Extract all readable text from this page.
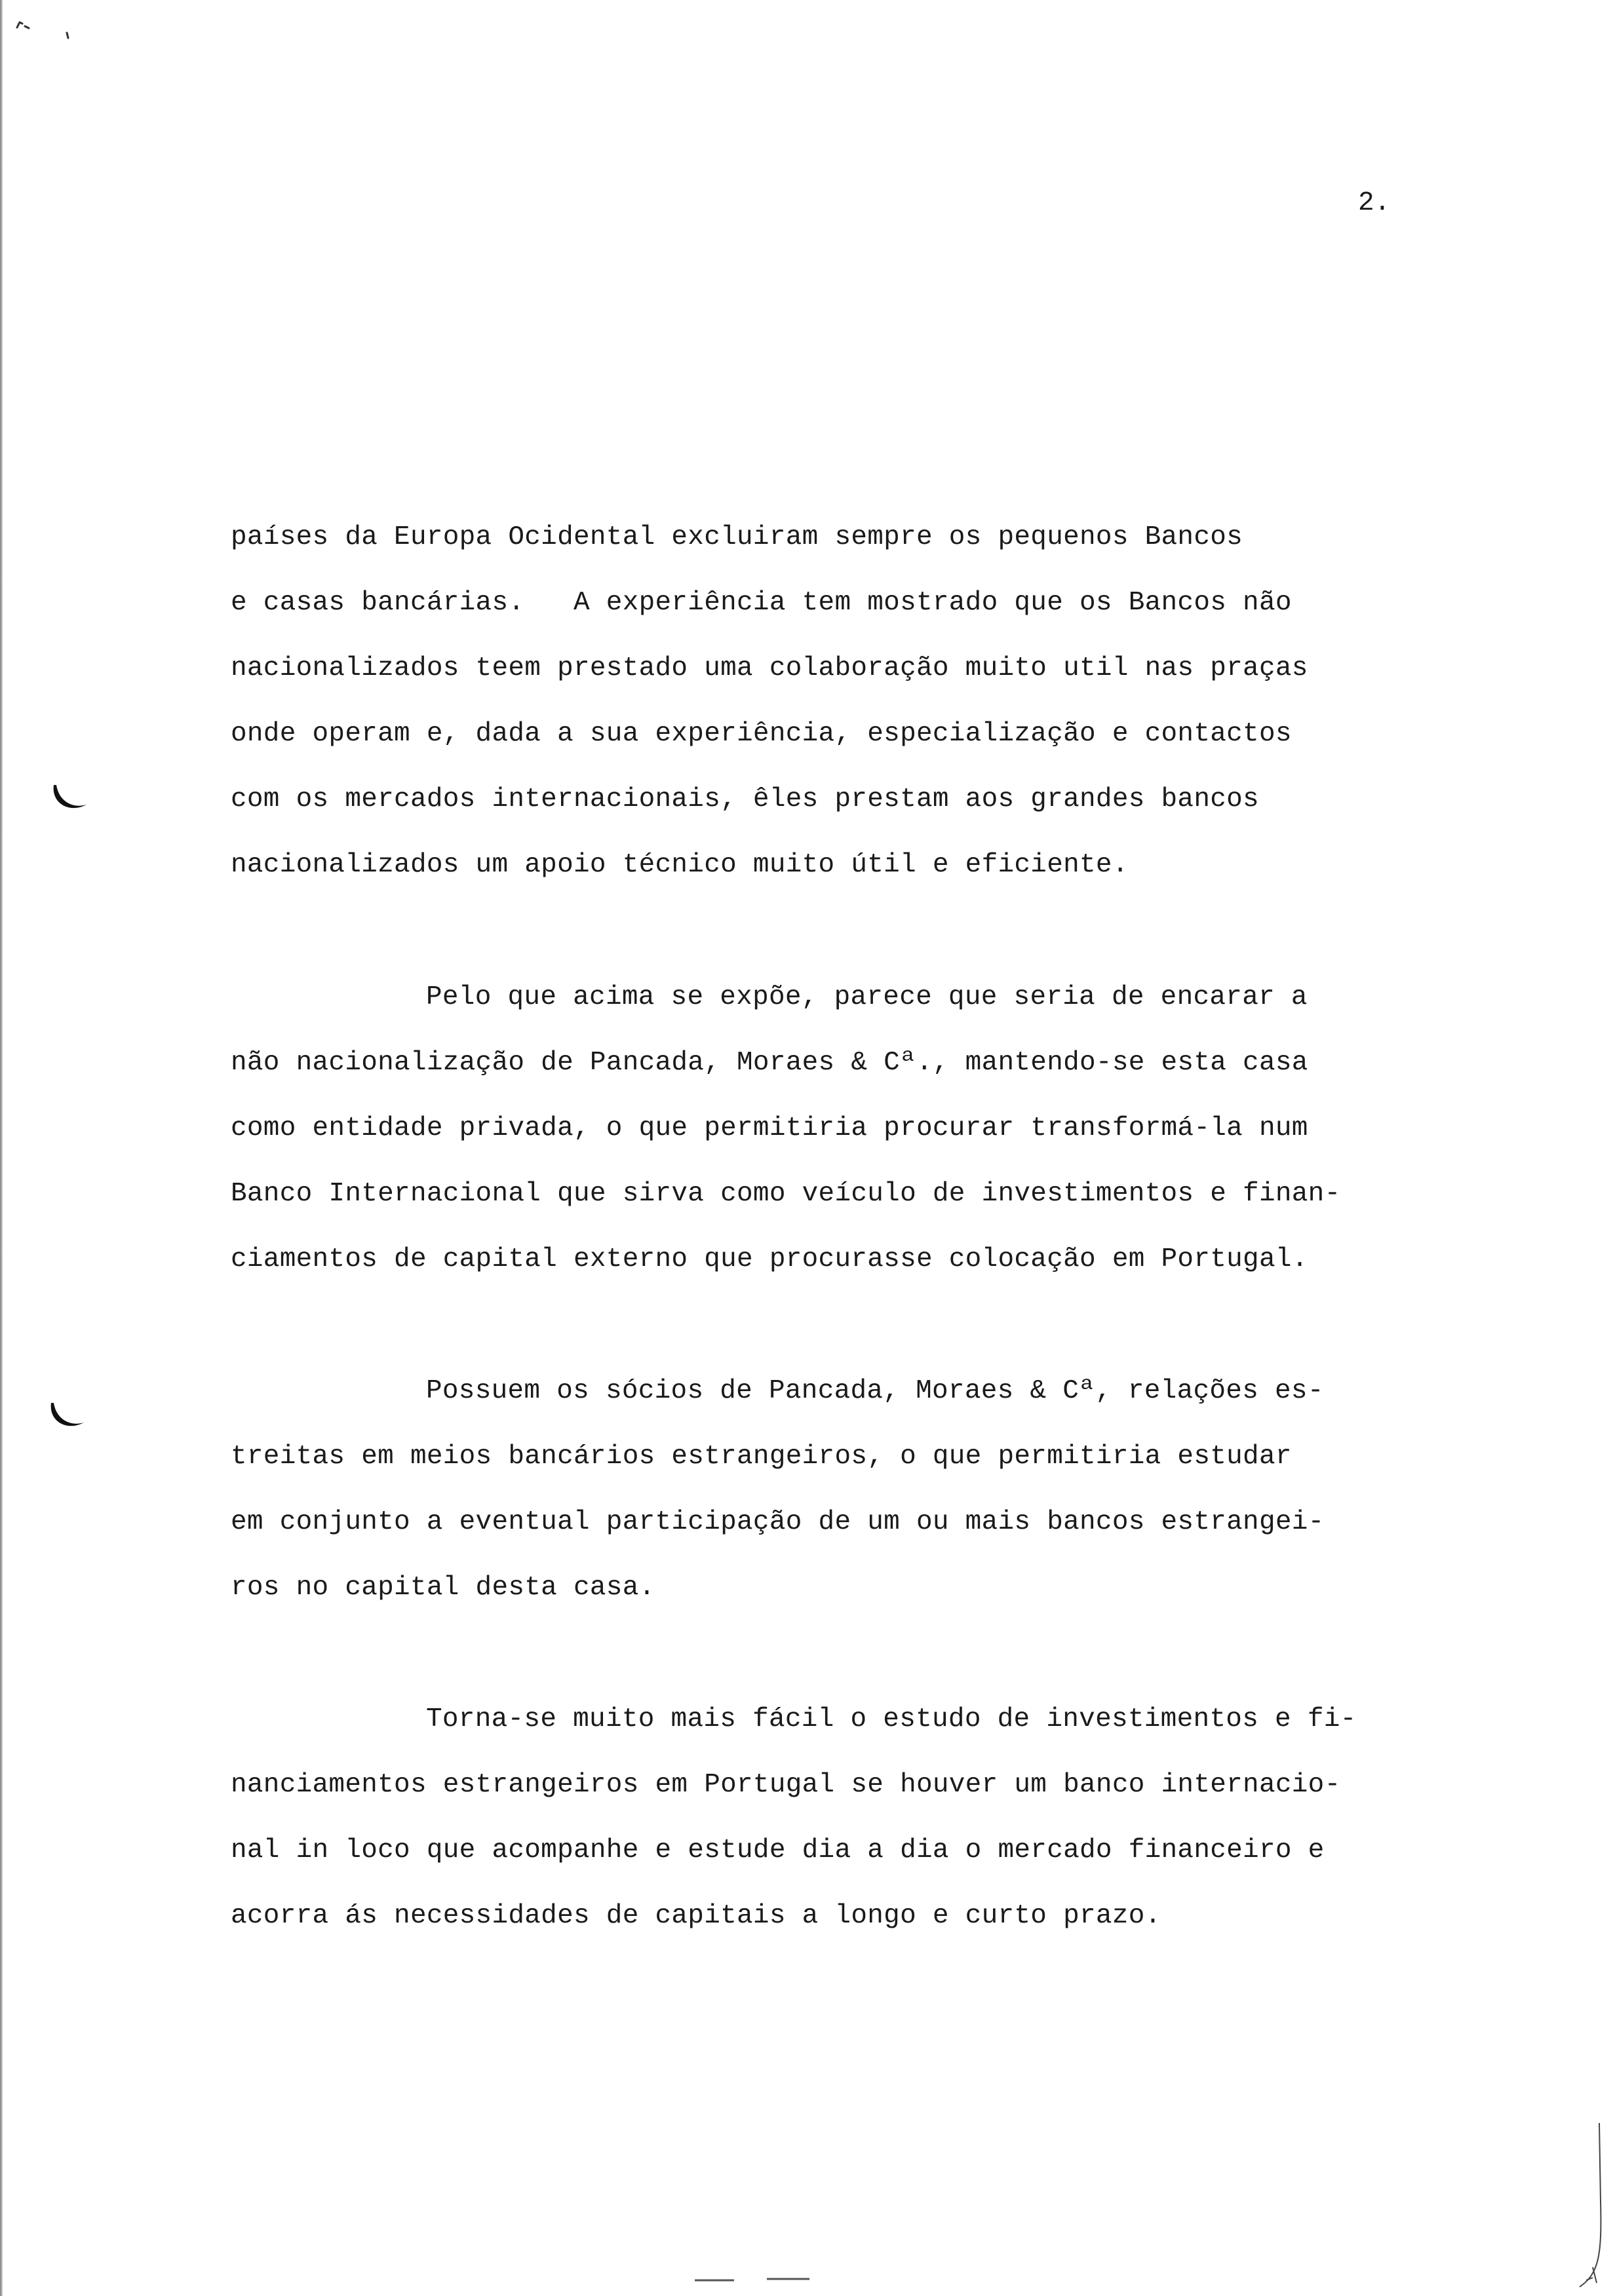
2.
países da Europa Ocidental excluiram sempre os pequenos Bancos
e casas bancárias.   A experiência tem mostrado que os Bancos não
nacionalizados teem prestado uma colaboração muito util nas praças
onde operam e, dada a sua experiência, especialização e contactos
com os mercados internacionais, êles prestam aos grandes bancos
nacionalizados um apoio técnico muito útil e eficiente.
Pelo que acima se expõe, parece que seria de encarar a
não nacionalização de Pancada, Moraes & Cª., mantendo-se esta casa
como entidade privada, o que permitiria procurar transformá-la num
Banco Internacional que sirva como veículo de investimentos e finan-
ciamentos de capital externo que procurasse colocação em Portugal.
Possuem os sócios de Pancada, Moraes & Cª, relações es-
treitas em meios bancários estrangeiros, o que permitiria estudar
em conjunto a eventual participação de um ou mais bancos estrangei-
ros no capital desta casa.
Torna-se muito mais fácil o estudo de investimentos e fi-
nanciamentos estrangeiros em Portugal se houver um banco internacio-
nal in loco que acompanhe e estude dia a dia o mercado financeiro e
acorra ás necessidades de capitais a longo e curto prazo.
